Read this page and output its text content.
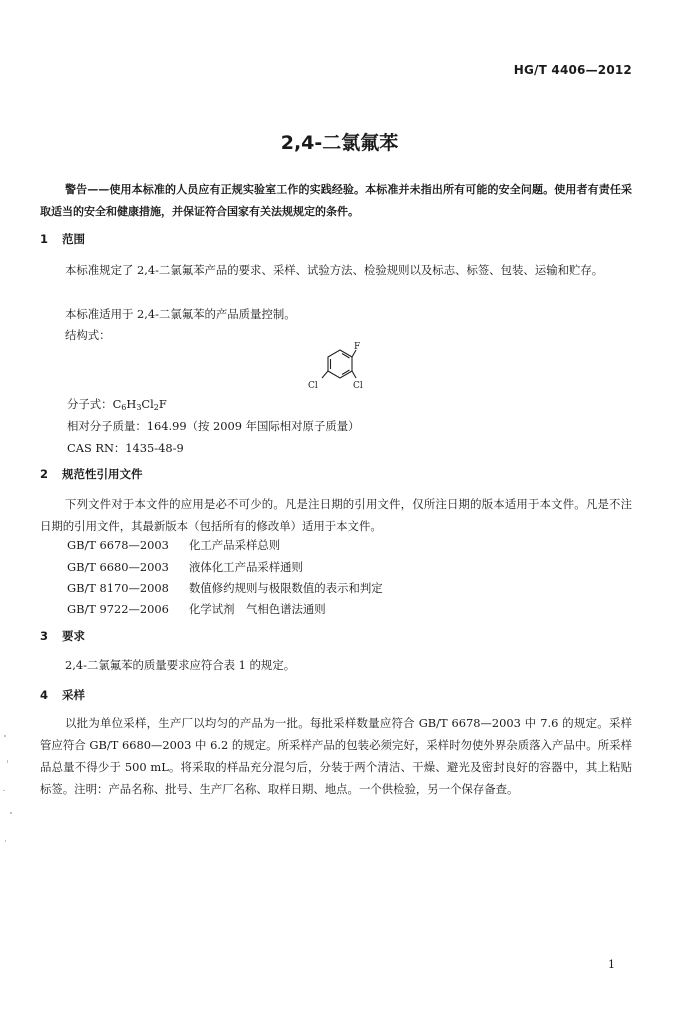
HG/T 4406—2012
2,4-二氯氟苯
警告——使用本标准的人员应有正规实验室工作的实践经验。本标准并未指出所有可能的安全问题。使用者有责任采取适当的安全和健康措施，并保证符合国家有关法规规定的条件。
1 范围
本标准规定了 2,4-二氯氟苯产品的要求、采样、试验方法、检验规则以及标志、标签、包装、运输和贮存。
本标准适用于 2,4-二氯氟苯的产品质量控制。
结构式：
F
Cl	Cl
分子式：$C_6H_3Cl_2F$
相对分子质量：164.99（按 2009 年国际相对原子质量）
CAS RN：1435-48-9
2 规范性引用文件
下列文件对于本文件的应用是必不可少的。凡是注日期的引用文件，仅所注日期的版本适用于本文件。凡是不注日期的引用文件，其最新版本（包括所有的修改单）适用于本文件。
GB/T 6678—2003 化工产品采样总则
GB/T 6680—2003 液体化工产品采样通则
GB/T 8170—2008 数值修约规则与极限数值的表示和判定
GB/T 9722—2006 化学试剂　气相色谱法通则
3 要求
2,4-二氯氟苯的质量要求应符合表 1 的规定。
4 采样
以批为单位采样，生产厂以均匀的产品为一批。每批采样数量应符合 GB/T 6678—2003 中 7.6 的规定。采样管应符合 GB/T 6680—2003 中 6.2 的规定。所采样产品的包装必须完好，采样时勿使外界杂质落入产品中。所采样品总量不得少于 500 mL。将采取的样品充分混匀后，分装于两个清洁、干燥、避光及密封良好的容器中，其上粘贴标签。注明：产品名称、批号、生产厂名称、取样日期、地点。一个供检验，另一个保存备查。
1
